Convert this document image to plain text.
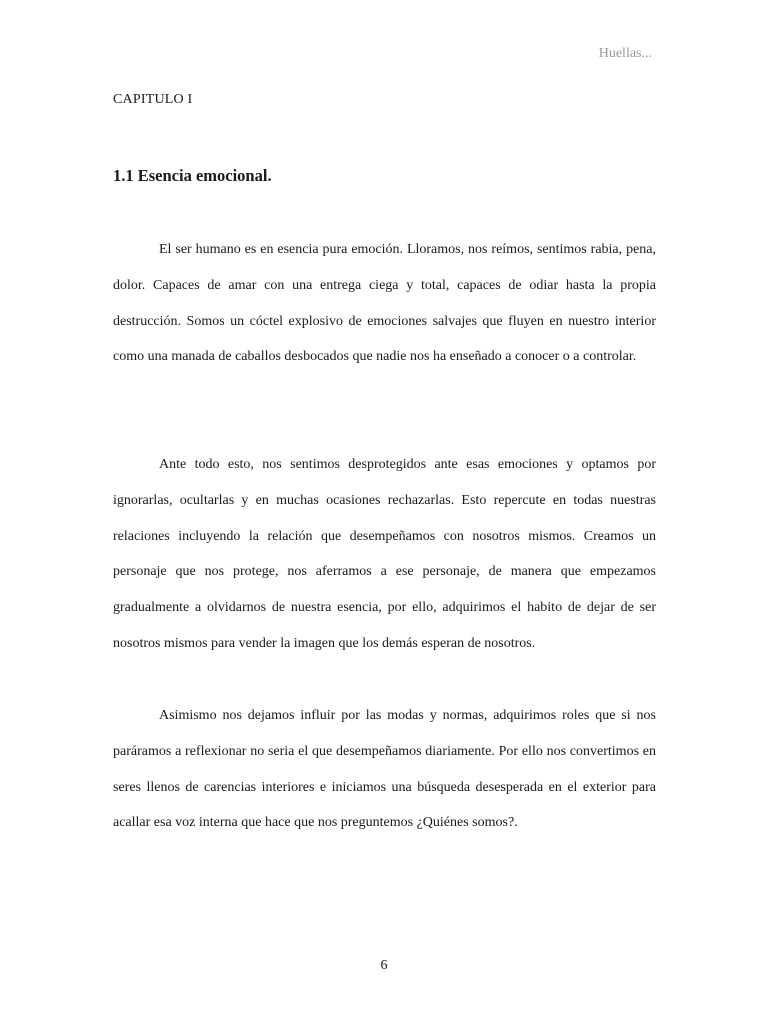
Huellas...
CAPITULO I
1.1 Esencia emocional.

El ser humano es en esencia pura emoción. Lloramos, nos reímos, sentimos rabia, pena, dolor. Capaces de amar con una entrega ciega y total, capaces de odiar hasta la propia destrucción. Somos un cóctel explosivo de emociones salvajes que fluyen en nuestro interior como una manada de caballos desbocados que nadie nos ha enseñado a conocer o a controlar.

Ante todo esto, nos sentimos desprotegidos ante esas emociones y optamos por ignorarlas, ocultarlas y en muchas ocasiones rechazarlas. Esto repercute en todas nuestras relaciones incluyendo la relación que desempeñamos con nosotros mismos. Creamos un personaje que nos protege, nos aferramos a ese personaje, de manera que empezamos gradualmente a olvidarnos de nuestra esencia, por ello, adquirimos el habito de dejar de ser nosotros mismos para vender la imagen que los demás esperan de nosotros.

Asimismo nos dejamos influir por las modas y normas, adquirimos roles que si nos paráramos a reflexionar no seria el que desempeñamos diariamente. Por ello nos convertimos en seres llenos de carencias interiores e iniciamos una búsqueda desesperada en el exterior para acallar esa voz interna que hace que nos preguntemos ¿Quiénes somos?.

6
